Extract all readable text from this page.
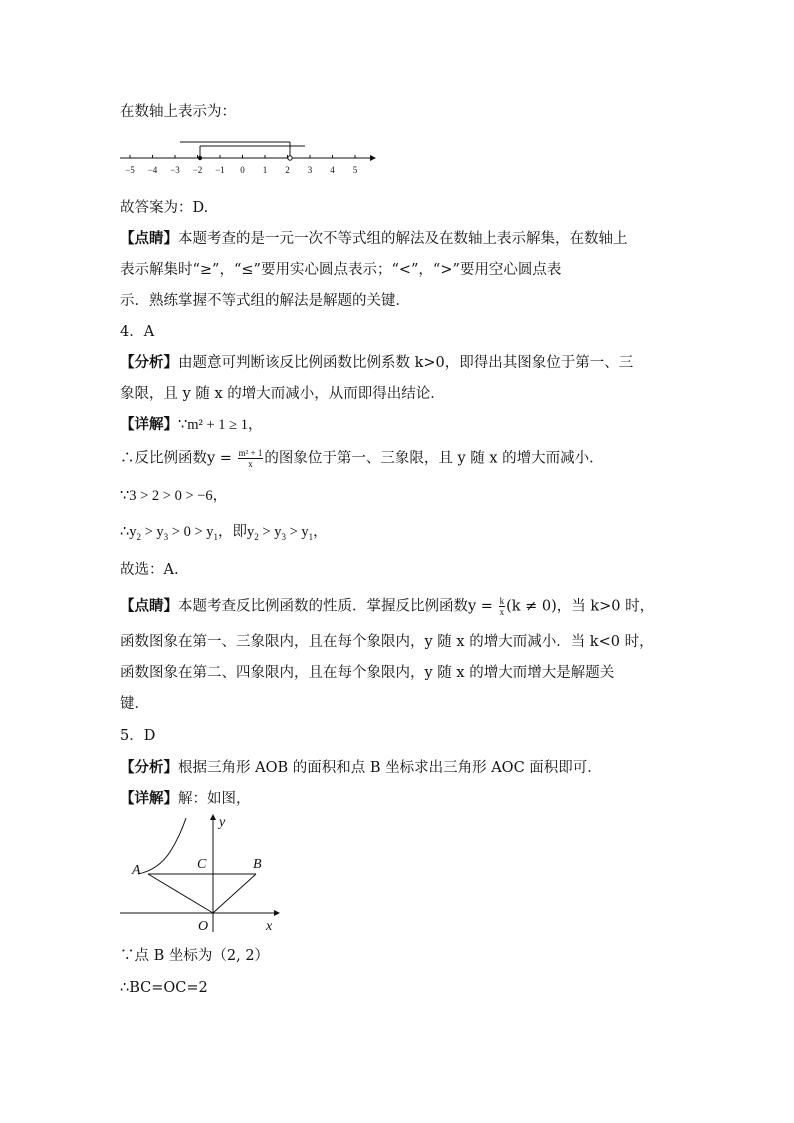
在数轴上表示为：
−5 −4 −3 −2 −1 0 1 2 3 4 5
故答案为：D.
【点睛】本题考查的是一元一次不等式组的解法及在数轴上表示解集，在数轴上
表示解集时“≥”，“≤”要用实心圆点表示；“<”，“>”要用空心圆点表
示．熟练掌握不等式组的解法是解题的关键．
4．A
【分析】由题意可判断该反比例函数比例系数 k>0，即得出其图象位于第一、三
象限，且 y 随 x 的增大而减小，从而即得出结论．
【详解】∵m² + 1 ≥ 1，
∴反比例函数$y = \frac{\text{m² + 1}}{x}$ 的图象位于第一、三象限，且 y 随 x 的增大而减小．
∵3 > 2 > 0 > −6，
$\therefore y_2 > y_3 > 0 > y_1$，即$y_2 > y_3 > y_1$，
故选：A.
【点睛】本题考查反比例函数的性质．掌握反比例函数$y = \frac{k}{x} (k \ne 0)$，当 k>0 时，
函数图象在第一、三象限内，且在每个象限内，y 随 x 的增大而减小．当 k<0 时，
函数图象在第二、四象限内，且在每个象限内，y 随 x 的增大而增大是解题关
键．
5．D
【分析】根据三角形 AOB 的面积和点 B 坐标求出三角形 AOC 面积即可．
【详解】解：如图，
A	C	B
O	x
y
∵点 B 坐标为（2, 2）
∴BC=OC=2
